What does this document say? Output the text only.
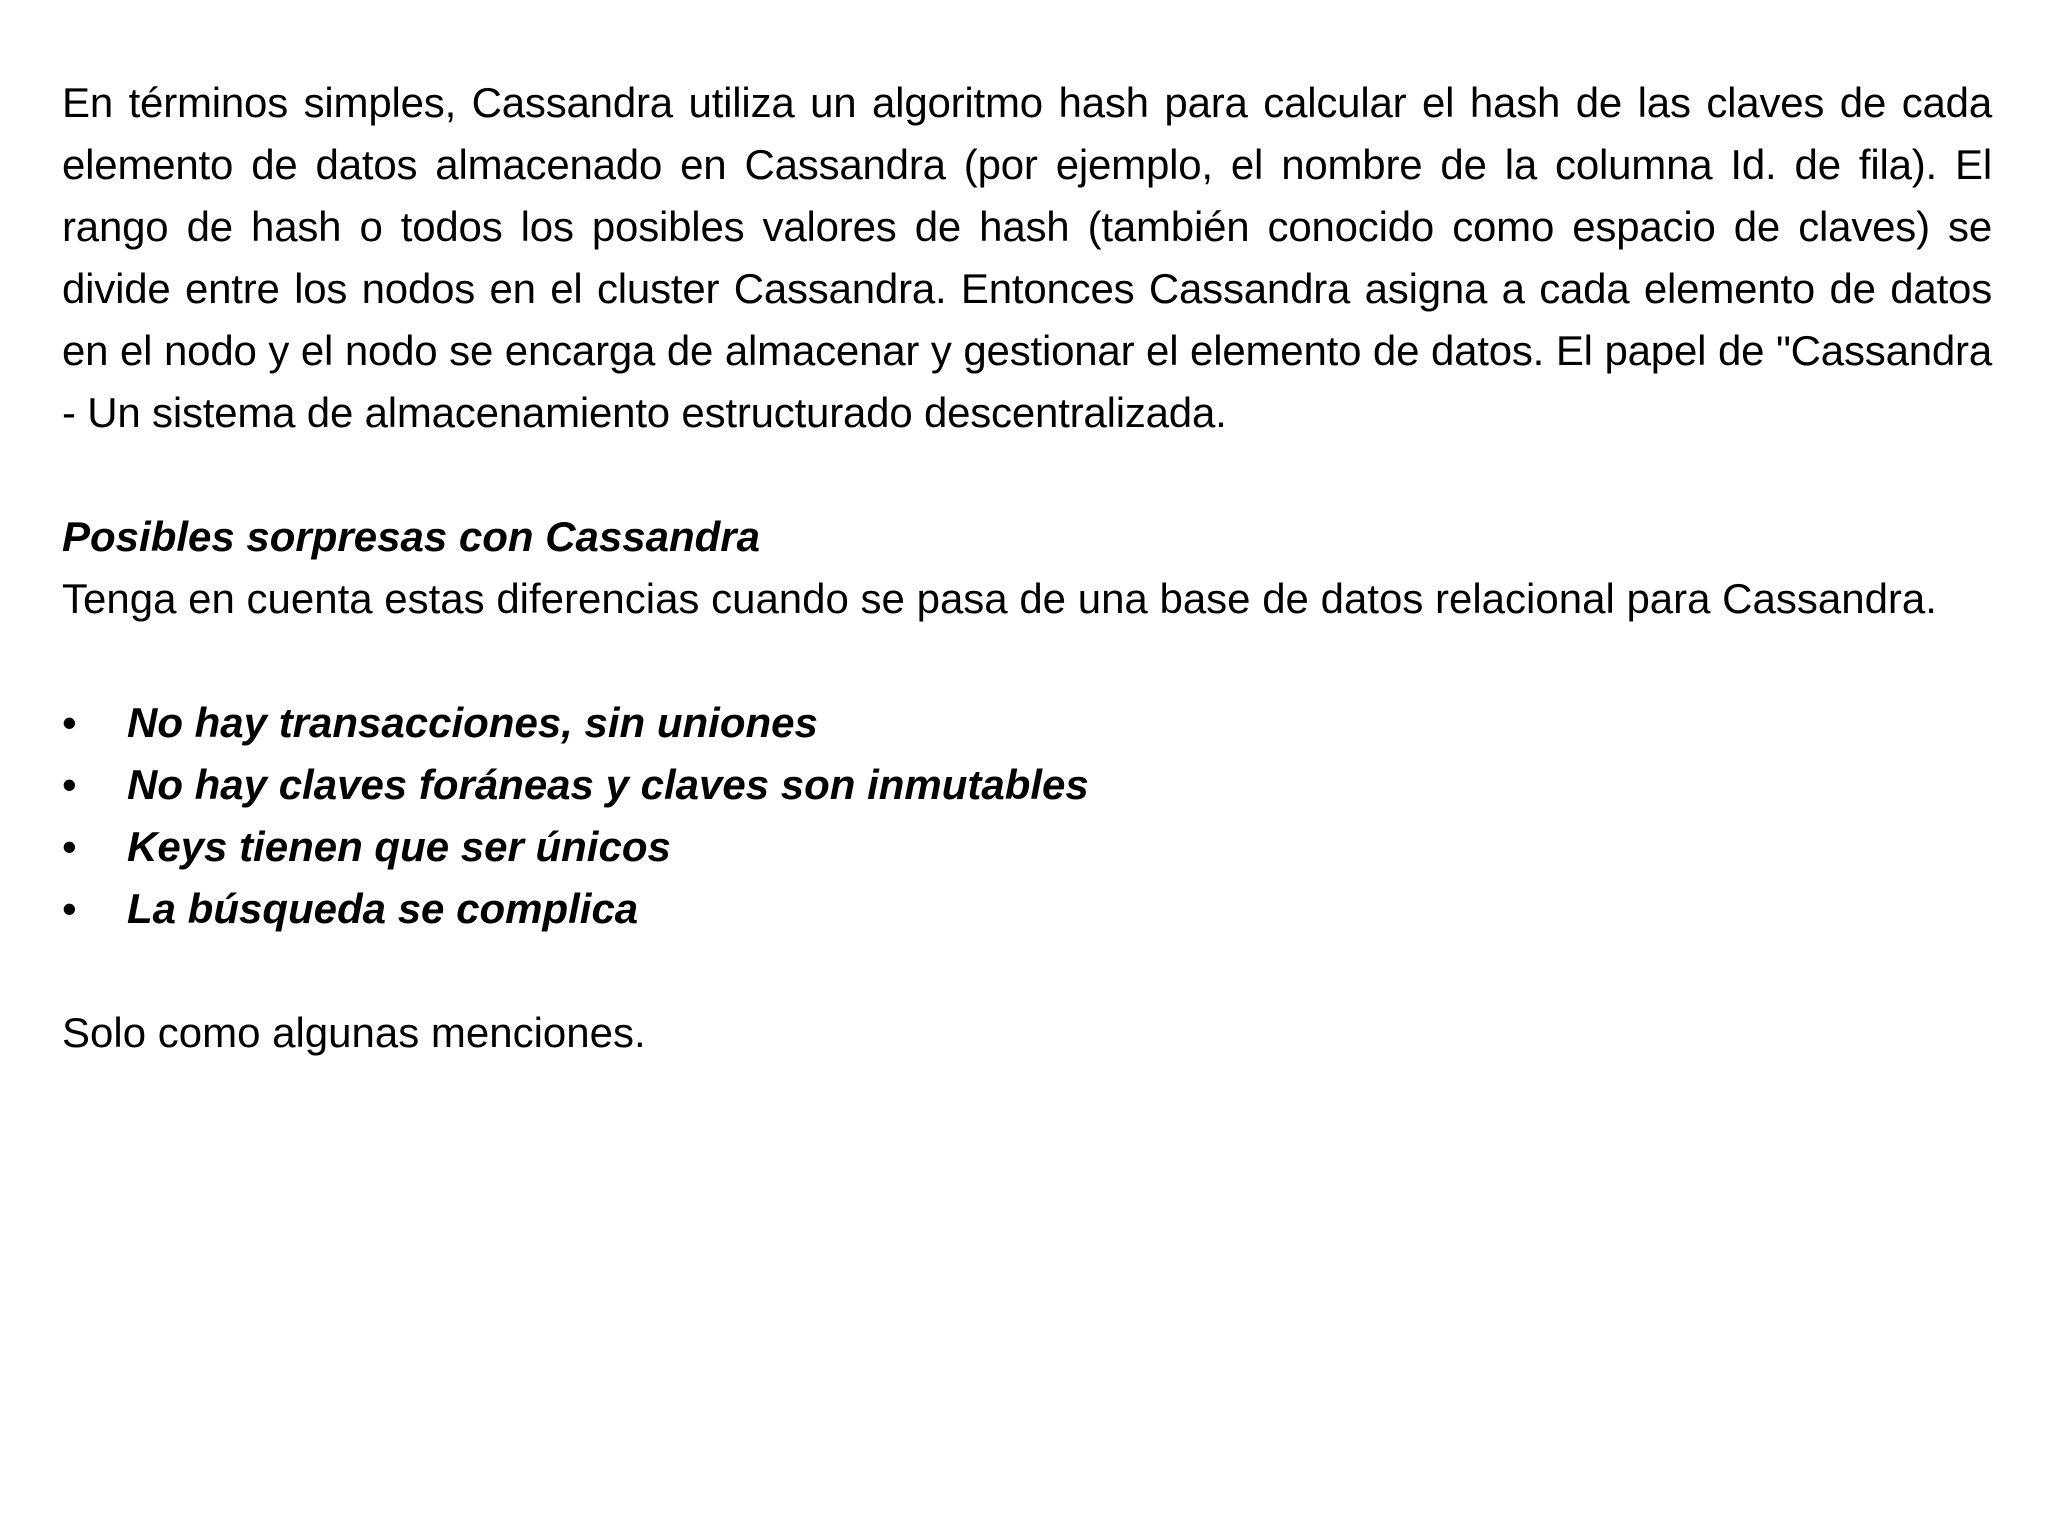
En términos simples, Cassandra utiliza un algoritmo hash para calcular el hash de las claves de cada elemento de datos almacenado en Cassandra (por ejemplo, el nombre de la columna Id. de fila). El rango de hash o todos los posibles valores de hash (también conocido como espacio de claves) se divide entre los nodos en el cluster Cassandra. Entonces Cassandra asigna a cada elemento de datos en el nodo y el nodo se encarga de almacenar y gestionar el elemento de datos. El papel de "Cassandra - Un sistema de almacenamiento estructurado descentralizada.

Posibles sorpresas con Cassandra

Tenga en cuenta estas diferencias cuando se pasa de una base de datos relacional para Cassandra.

•	No hay transacciones, sin uniones
•	No hay claves foráneas y claves son inmutables
•	Keys tienen que ser únicos
•	La búsqueda se complica

Solo como algunas menciones.
